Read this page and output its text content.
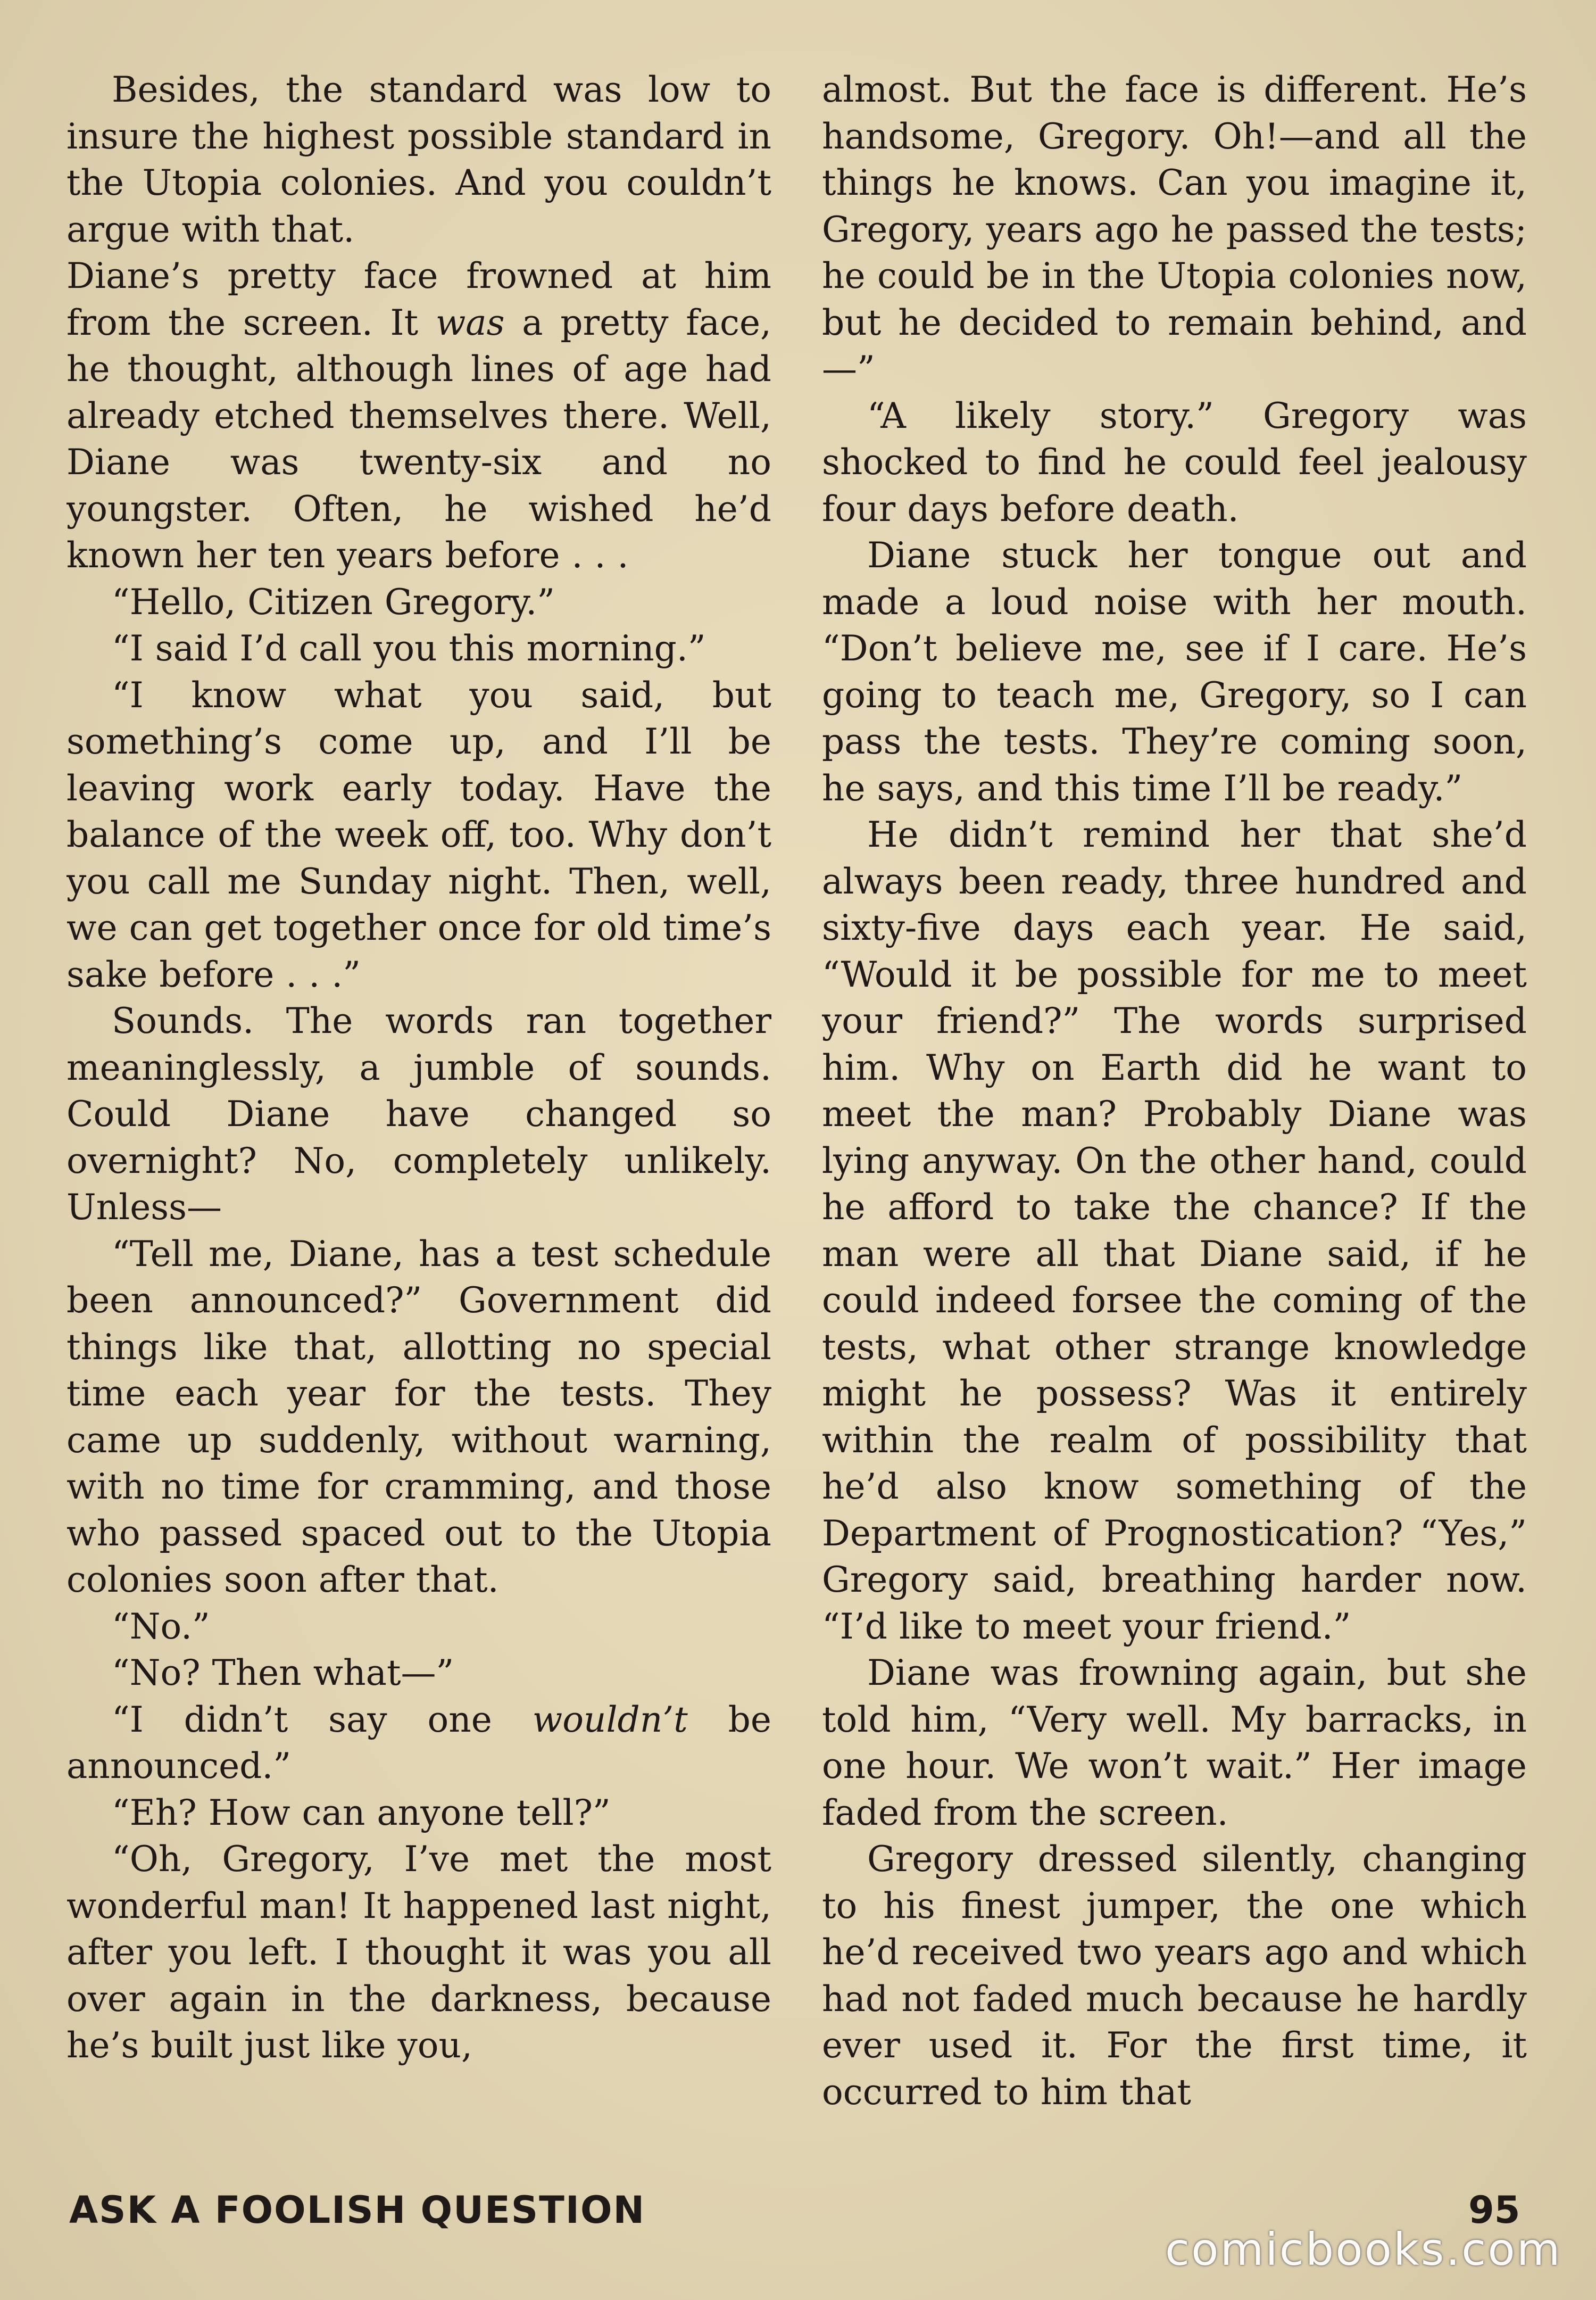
Besides, the standard was low to insure the highest possible standard in the Utopia colonies. And you couldn’t argue with that.

Diane’s pretty face frowned at him from the screen. It was a pretty face, he thought, although lines of age had already etched themselves there. Well, Diane was twenty-six and no youngster. Often, he wished he’d known her ten years before . . .

“Hello, Citizen Gregory.”

“I said I’d call you this morning.”

“I know what you said, but something’s come up, and I’ll be leaving work early today. Have the balance of the week off, too. Why don’t you call me Sunday night. Then, well, we can get together once for old time’s sake before . . .”

Sounds. The words ran together meaninglessly, a jumble of sounds. Could Diane have changed so overnight? No, completely unlikely. Unless—

“Tell me, Diane, has a test schedule been announced?” Government did things like that, allotting no special time each year for the tests. They came up suddenly, without warning, with no time for cramming, and those who passed spaced out to the Utopia colonies soon after that.

“No.”

“No? Then what—”

“I didn’t say one wouldn’t be announced.”

“Eh? How can anyone tell?”

“Oh, Gregory, I’ve met the most wonderful man! It happened last night, after you left. I thought it was you all over again in the darkness, because he’s built just like you,

almost. But the face is different. He’s handsome, Gregory. Oh!—and all the things he knows. Can you imagine it, Gregory, years ago he passed the tests; he could be in the Utopia colonies now, but he decided to remain behind, and—”

“A likely story.” Gregory was shocked to find he could feel jealousy four days before death.

Diane stuck her tongue out and made a loud noise with her mouth. “Don’t believe me, see if I care. He’s going to teach me, Gregory, so I can pass the tests. They’re coming soon, he says, and this time I’ll be ready.”

He didn’t remind her that she’d always been ready, three hundred and sixty-five days each year. He said, “Would it be possible for me to meet your friend?” The words surprised him. Why on Earth did he want to meet the man? Probably Diane was lying anyway. On the other hand, could he afford to take the chance? If the man were all that Diane said, if he could indeed forsee the coming of the tests, what other strange knowledge might he possess? Was it entirely within the realm of possibility that he’d also know something of the Department of Prognostication? “Yes,” Gregory said, breathing harder now. “I’d like to meet your friend.”

Diane was frowning again, but she told him, “Very well. My barracks, in one hour. We won’t wait.” Her image faded from the screen.

Gregory dressed silently, changing to his finest jumper, the one which he’d received two years ago and which had not faded much because he hardly ever used it. For the first time, it occurred to him that

ASK A FOOLISH QUESTION	95
comicbooks.com
